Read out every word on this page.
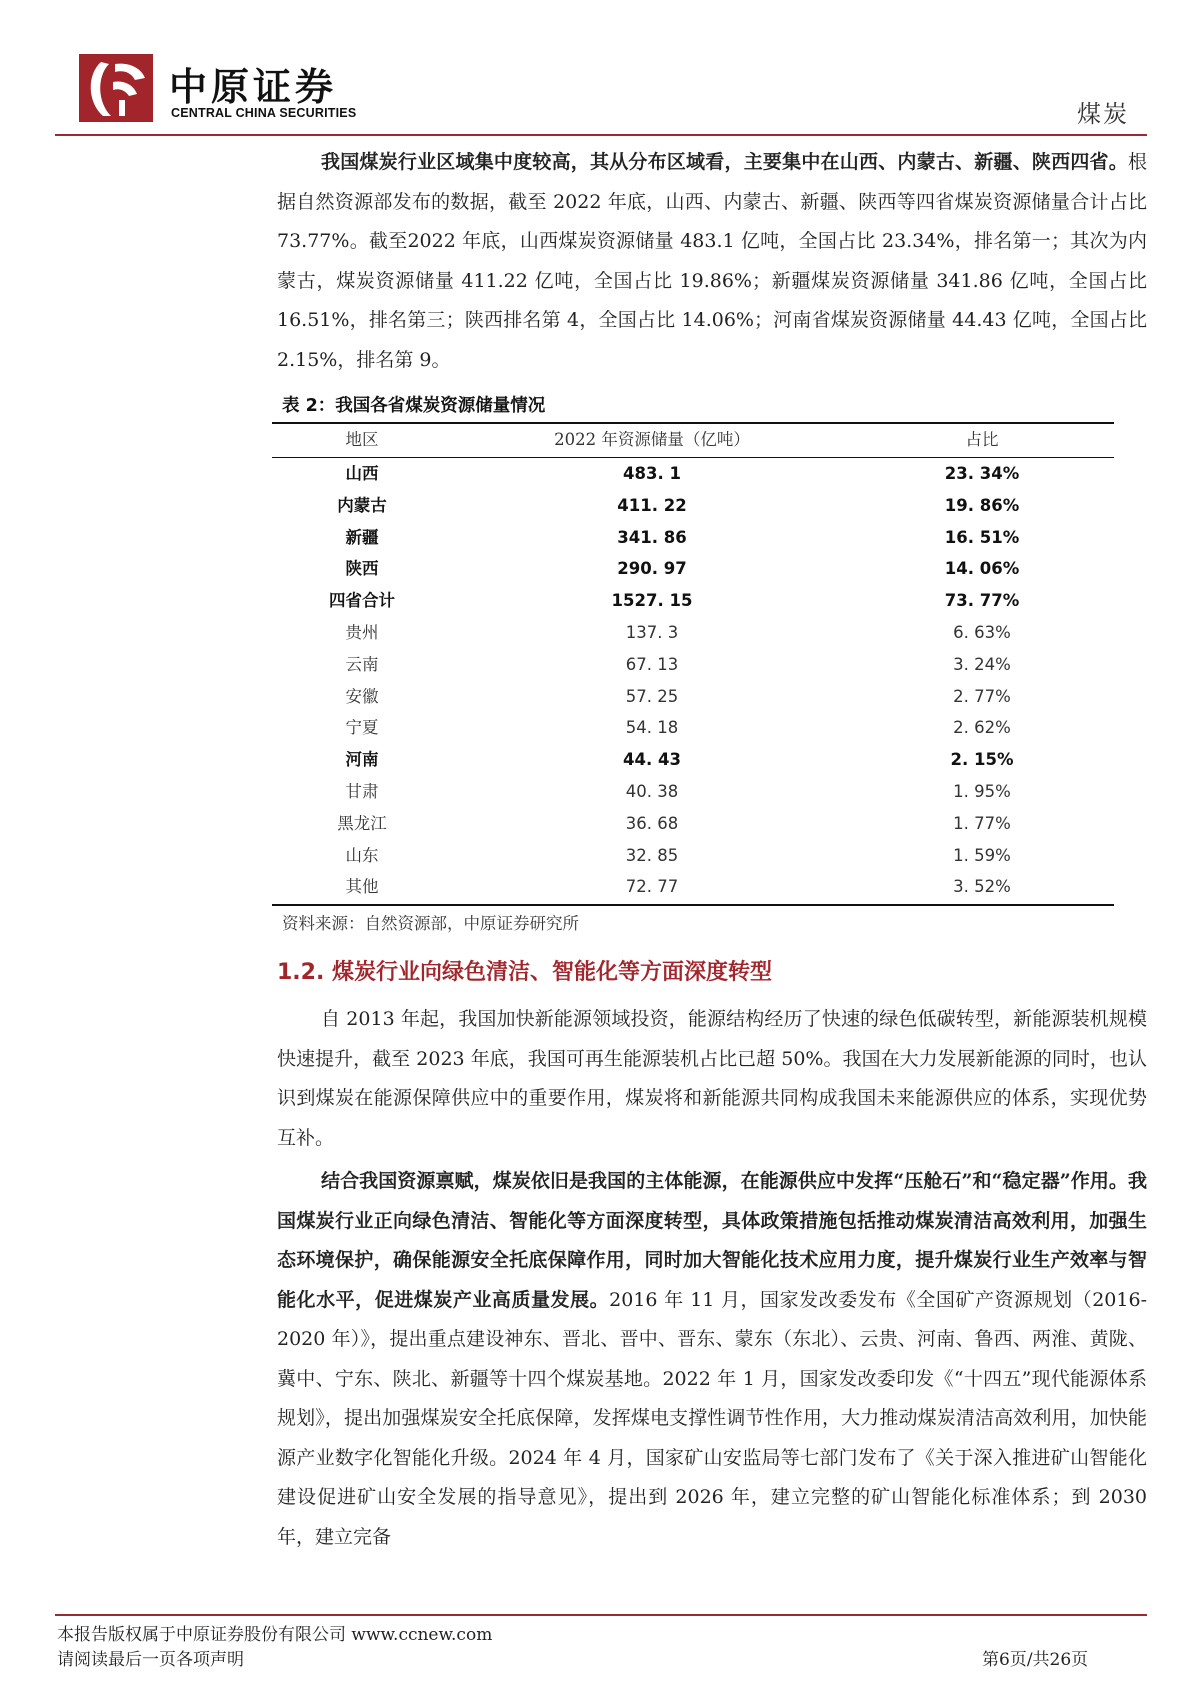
中原证券
CENTRAL CHINA SECURITIES	煤炭

我国煤炭行业区域集中度较高，其从分布区域看，主要集中在山西、内蒙古、新疆、陕西四省。根据自然资源部发布的数据，截至 2022 年底，山西、内蒙古、新疆、陕西等四省煤炭资源储量合计占比73.77%。截至2022 年底，山西煤炭资源储量 483.1 亿吨，全国占比 23.34%，排名第一；其次为内蒙古，煤炭资源储量 411.22 亿吨，全国占比 19.86%；新疆煤炭资源储量 341.86 亿吨，全国占比 16.51%，排名第三；陕西排名第 4，全国占比 14.06%；河南省煤炭资源储量 44.43 亿吨，全国占比 2.15%，排名第 9。

表 2：我国各省煤炭资源储量情况
地区	2022 年资源储量（亿吨）	占比
山西	483. 1	23. 34%
内蒙古	411. 22	19. 86%
新疆	341. 86	16. 51%
陕西	290. 97	14. 06%
四省合计	1527. 15	73. 77%
贵州	137. 3	6. 63%
云南	67. 13	3. 24%
安徽	57. 25	2. 77%
宁夏	54. 18	2. 62%
河南	44. 43	2. 15%
甘肃	40. 38	1. 95%
黑龙江	36. 68	1. 77%
山东	32. 85	1. 59%
其他	72. 77	3. 52%
资料来源：自然资源部，中原证券研究所
1.2. 煤炭行业向绿色清洁、智能化等方面深度转型

自 2013 年起，我国加快新能源领域投资，能源结构经历了快速的绿色低碳转型，新能源装机规模快速提升，截至 2023 年底，我国可再生能源装机占比已超 50%。我国在大力发展新能源的同时，也认识到煤炭在能源保障供应中的重要作用，煤炭将和新能源共同构成我国未来能源供应的体系，实现优势互补。

结合我国资源禀赋，煤炭依旧是我国的主体能源，在能源供应中发挥“压舱石”和“稳定器”作用。我国煤炭行业正向绿色清洁、智能化等方面深度转型，具体政策措施包括推动煤炭清洁高效利用，加强生态环境保护，确保能源安全托底保障作用，同时加大智能化技术应用力度，提升煤炭行业生产效率与智能化水平，促进煤炭产业高质量发展。2016 年 11 月，国家发改委发布《全国矿产资源规划（2016-2020 年）》，提出重点建设神东、晋北、晋中、晋东、蒙东（东北）、云贵、河南、鲁西、两淮、黄陇、冀中、宁东、陕北、新疆等十四个煤炭基地。2022 年 1 月，国家发改委印发《“十四五”现代能源体系规划》，提出加强煤炭安全托底保障，发挥煤电支撑性调节性作用，大力推动煤炭清洁高效利用，加快能源产业数字化智能化升级。2024 年 4 月，国家矿山安监局等七部门发布了《关于深入推进矿山智能化建设促进矿山安全发展的指导意见》，提出到 2026 年，建立完整的矿山智能化标准体系；到 2030 年，建立完备

本报告版权属于中原证券股份有限公司 www.ccnew.com
请阅读最后一页各项声明	第6页/共26页
